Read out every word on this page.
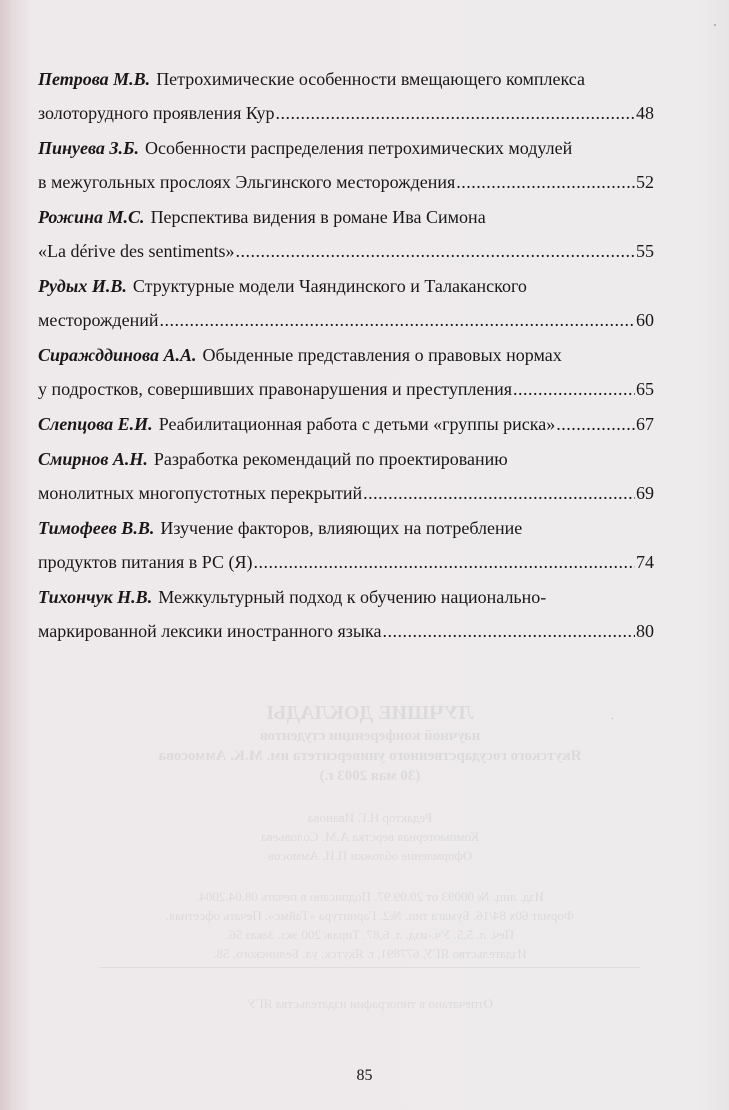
Петрова М.В. Петрохимические особенности вмещающего комплекса
золоторудного проявления Кур .....	48
Пинуева З.Б. Особенности распределения петрохимических модулей
в межугольных прослоях Эльгинского месторождения .....	52
Рожина М.С. Перспектива видения в романе Ива Симона
«La dérive des sentiments» .....	55
Рудых И.В. Структурные модели Чаяндинского и Талаканского
месторождений .....	60
Сиражддинова А.А. Обыденные представления о правовых нормах
у подростков, совершивших правонарушения и преступления .....	65
Слепцова Е.И. Реабилитационная работа с детьми «группы риска» .....	67
Смирнов А.Н. Разработка рекомендаций по проектированию
монолитных многопустотных перекрытий .....	69
Тимофеев В.В. Изучение факторов, влияющих на потребление
продуктов питания в РС (Я) .....	74
Тихончук Н.В. Межкультурный подход к обучению национально-
маркированной лексики иностранного языка .....	80
ЛУЧШИЕ ДОКЛАДЫ
научной конференции студентов
Якутского государственного университета им. М.К. Аммосова
(30 мая 2003 г.)
Редактор Н.Г. Иванова
Компьютерная верстка А.М. Соловьева
Оформление обложки П.И. Аммосов
Изд. лиц. № 00093 от 20.09.97. Подписано в печать 08.04.2004.
Формат 60х 84/16. Бумага тип. №2. Гарнитура «Таймс». Печать офсетная.
Печ. л. 5,5. Уч.-изд. л. 6,87. Тираж 200 экз. Заказ 56.
Издательство ЯГУ, 677891, г. Якутск, ул. Белинского, 58.
Отпечатано в типографии издательства ЯГУ
85
